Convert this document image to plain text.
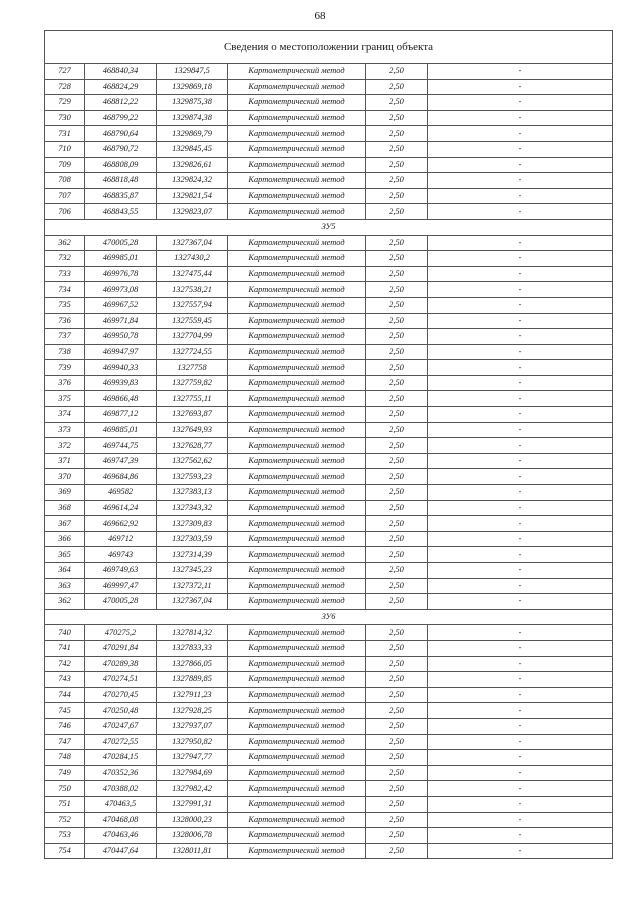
68
Сведения о местоположении границ объекта					
727	468840,34	1329847,5	Картометрический метод	2,50	-
728	468824,29	1329869,18	Картометрический метод	2,50	-
729	468812,22	1329875,38	Картометрический метод	2,50	-
730	468799,22	1329874,38	Картометрический метод	2,50	-
731	468790,64	1329869,79	Картометрический метод	2,50	-
710	468790,72	1329845,45	Картометрический метод	2,50	-
709	468808,09	1329826,61	Картометрический метод	2,50	-
708	468818,48	1329824,32	Картометрический метод	2,50	-
707	468835,87	1329821,54	Картометрический метод	2,50	-
706	468843,55	1329823,07	Картометрический метод	2,50	-
ЗУ5					
362	470005,28	1327367,04	Картометрический метод	2,50	-
732	469985,01	1327430,2	Картометрический метод	2,50	-
733	469976,78	1327475,44	Картометрический метод	2,50	-
734	469973,08	1327538,21	Картометрический метод	2,50	-
735	469967,52	1327557,94	Картометрический метод	2,50	-
736	469971,84	1327559,45	Картометрический метод	2,50	-
737	469950,78	1327704,99	Картометрический метод	2,50	-
738	469947,97	1327724,55	Картометрический метод	2,50	-
739	469940,33	1327758	Картометрический метод	2,50	-
376	469939,83	1327759,82	Картометрический метод	2,50	-
375	469866,48	1327755,11	Картометрический метод	2,50	-
374	469877,12	1327693,87	Картометрический метод	2,50	-
373	469885,01	1327649,93	Картометрический метод	2,50	-
372	469744,75	1327628,77	Картометрический метод	2,50	-
371	469747,39	1327562,62	Картометрический метод	2,50	-
370	469684,86	1327593,23	Картометрический метод	2,50	-
369	469582	1327383,13	Картометрический метод	2,50	-
368	469614,24	1327343,32	Картометрический метод	2,50	-
367	469662,92	1327309,83	Картометрический метод	2,50	-
366	469712	1327303,59	Картометрический метод	2,50	-
365	469743	1327314,39	Картометрический метод	2,50	-
364	469749,63	1327345,23	Картометрический метод	2,50	-
363	469997,47	1327372,11	Картометрический метод	2,50	-
362	470005,28	1327367,04	Картометрический метод	2,50	-
ЗУ6					
740	470275,2	1327814,32	Картометрический метод	2,50	-
741	470291,84	1327833,33	Картометрический метод	2,50	-
742	470289,38	1327866,05	Картометрический метод	2,50	-
743	470274,51	1327889,85	Картометрический метод	2,50	-
744	470270,45	1327911,23	Картометрический метод	2,50	-
745	470250,48	1327928,25	Картометрический метод	2,50	-
746	470247,67	1327937,07	Картометрический метод	2,50	-
747	470272,55	1327950,82	Картометрический метод	2,50	-
748	470284,15	1327947,77	Картометрический метод	2,50	-
749	470352,36	1327984,69	Картометрический метод	2,50	-
750	470388,02	1327982,42	Картометрический метод	2,50	-
751	470463,5	1327991,31	Картометрический метод	2,50	-
752	470468,08	1328000,23	Картометрический метод	2,50	-
753	470463,46	1328006,78	Картометрический метод	2,50	-
754	470447,64	1328011,81	Картометрический метод	2,50	-
